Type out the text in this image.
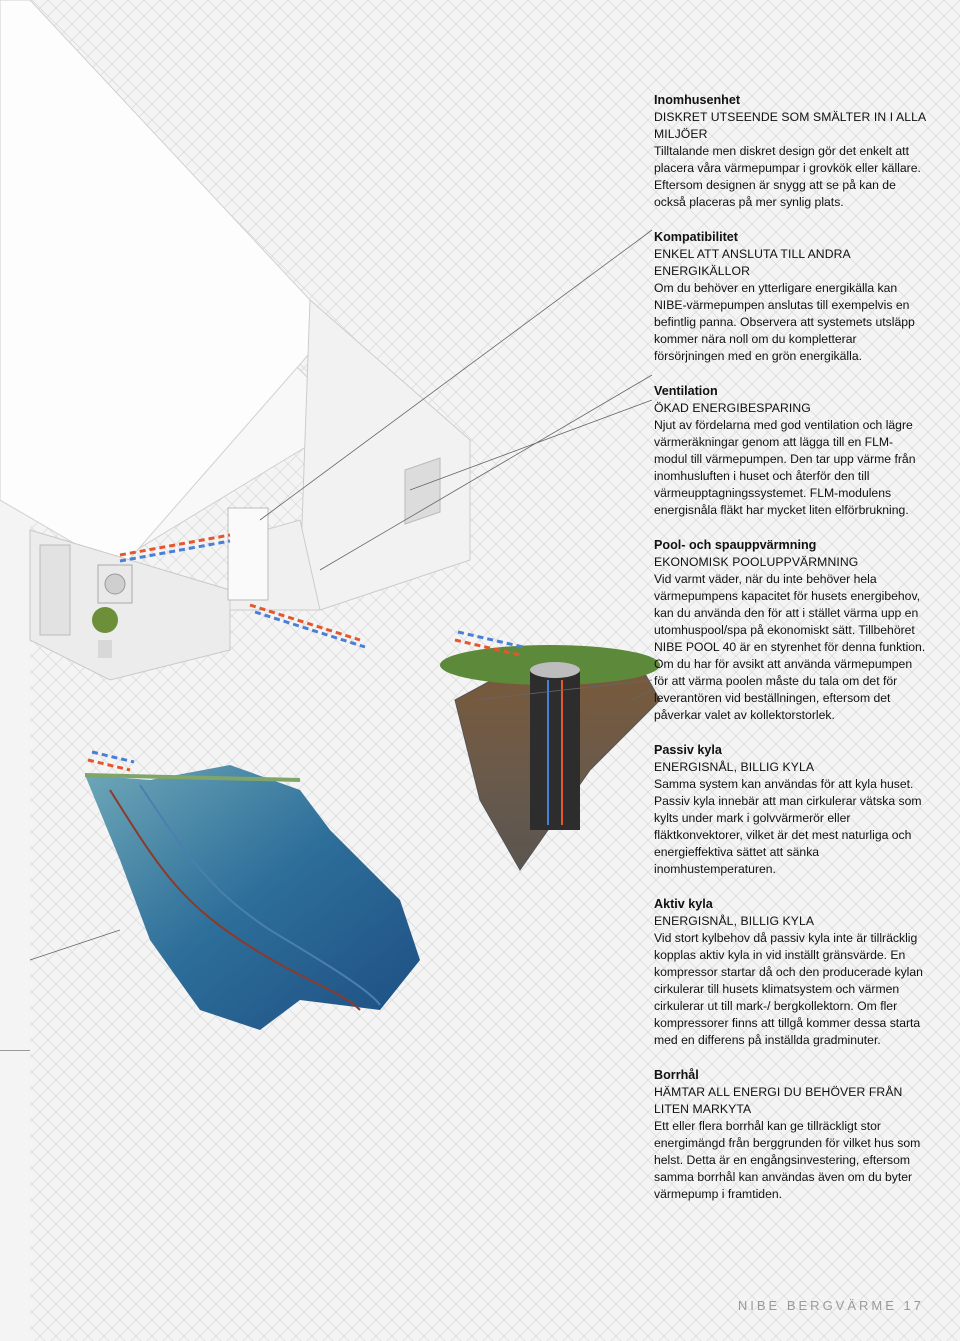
Inomhusenhet

DISKRET UTSEENDE SOM SMÄLTER IN I ALLA MILJÖER

Tilltalande men diskret design gör det enkelt att placera våra värmepumpar i grovkök eller källare. Eftersom designen är snygg att se på kan de också placeras på mer synlig plats.

Kompatibilitet

ENKEL ATT ANSLUTA TILL ANDRA ENERGIKÄLLOR

Om du behöver en ytterligare energikälla kan NIBE-värmepumpen anslutas till exempelvis en befintlig panna. Observera att systemets utsläpp kommer nära noll om du kompletterar försörjningen med en grön energikälla.

Ventilation

ÖKAD ENERGIBESPARING

Njut av fördelarna med god ventilation och lägre värmeräkningar genom att lägga till en FLM-modul till värmepumpen. Den tar upp värme från inomhusluften i huset och återför den till värmeupptagningssystemet. FLM-modulens energisnåla fläkt har mycket liten elförbrukning.

Pool- och spauppvärmning

EKONOMISK POOLUPPVÄRMNING

Vid varmt väder, när du inte behöver hela värmepumpens kapacitet för husets energibehov, kan du använda den för att i stället värma upp en utomhuspool/spa på ekonomiskt sätt. Tillbehöret NIBE POOL 40 är en styrenhet för denna funktion. Om du har för avsikt att använda värmepumpen för att värma poolen måste du tala om det för leverantören vid beställningen, eftersom det påverkar valet av kollektorstorlek.

Passiv kyla

ENERGISNÅL, BILLIG KYLA

Samma system kan användas för att kyla huset. Passiv kyla innebär att man cirkulerar vätska som kylts under mark i golvvärmerör eller fläktkonvektorer, vilket är det mest naturliga och energieffektiva sättet att sänka inomhustemperaturen.

Aktiv kyla

ENERGISNÅL, BILLIG KYLA

Vid stort kylbehov då passiv kyla inte är tillräcklig kopplas aktiv kyla in vid inställt gränsvärde. En kompressor startar då och den producerade kylan cirkulerar till husets klimatsystem och värmen cirkulerar ut till mark-/ bergkollektorn. Om fler kompressorer finns att tillgå kommer dessa starta med en differens på inställda gradminuter.

Borrhål

HÄMTAR ALL ENERGI DU BEHÖVER FRÅN LITEN MARKYTA

Ett eller flera borrhål kan ge tillräckligt stor energimängd från berggrunden för vilket hus som helst. Detta är en engångsinvestering, eftersom samma borrhål kan användas även om du byter värmepump i framtiden.

NIBE BERGVÄRME 17
